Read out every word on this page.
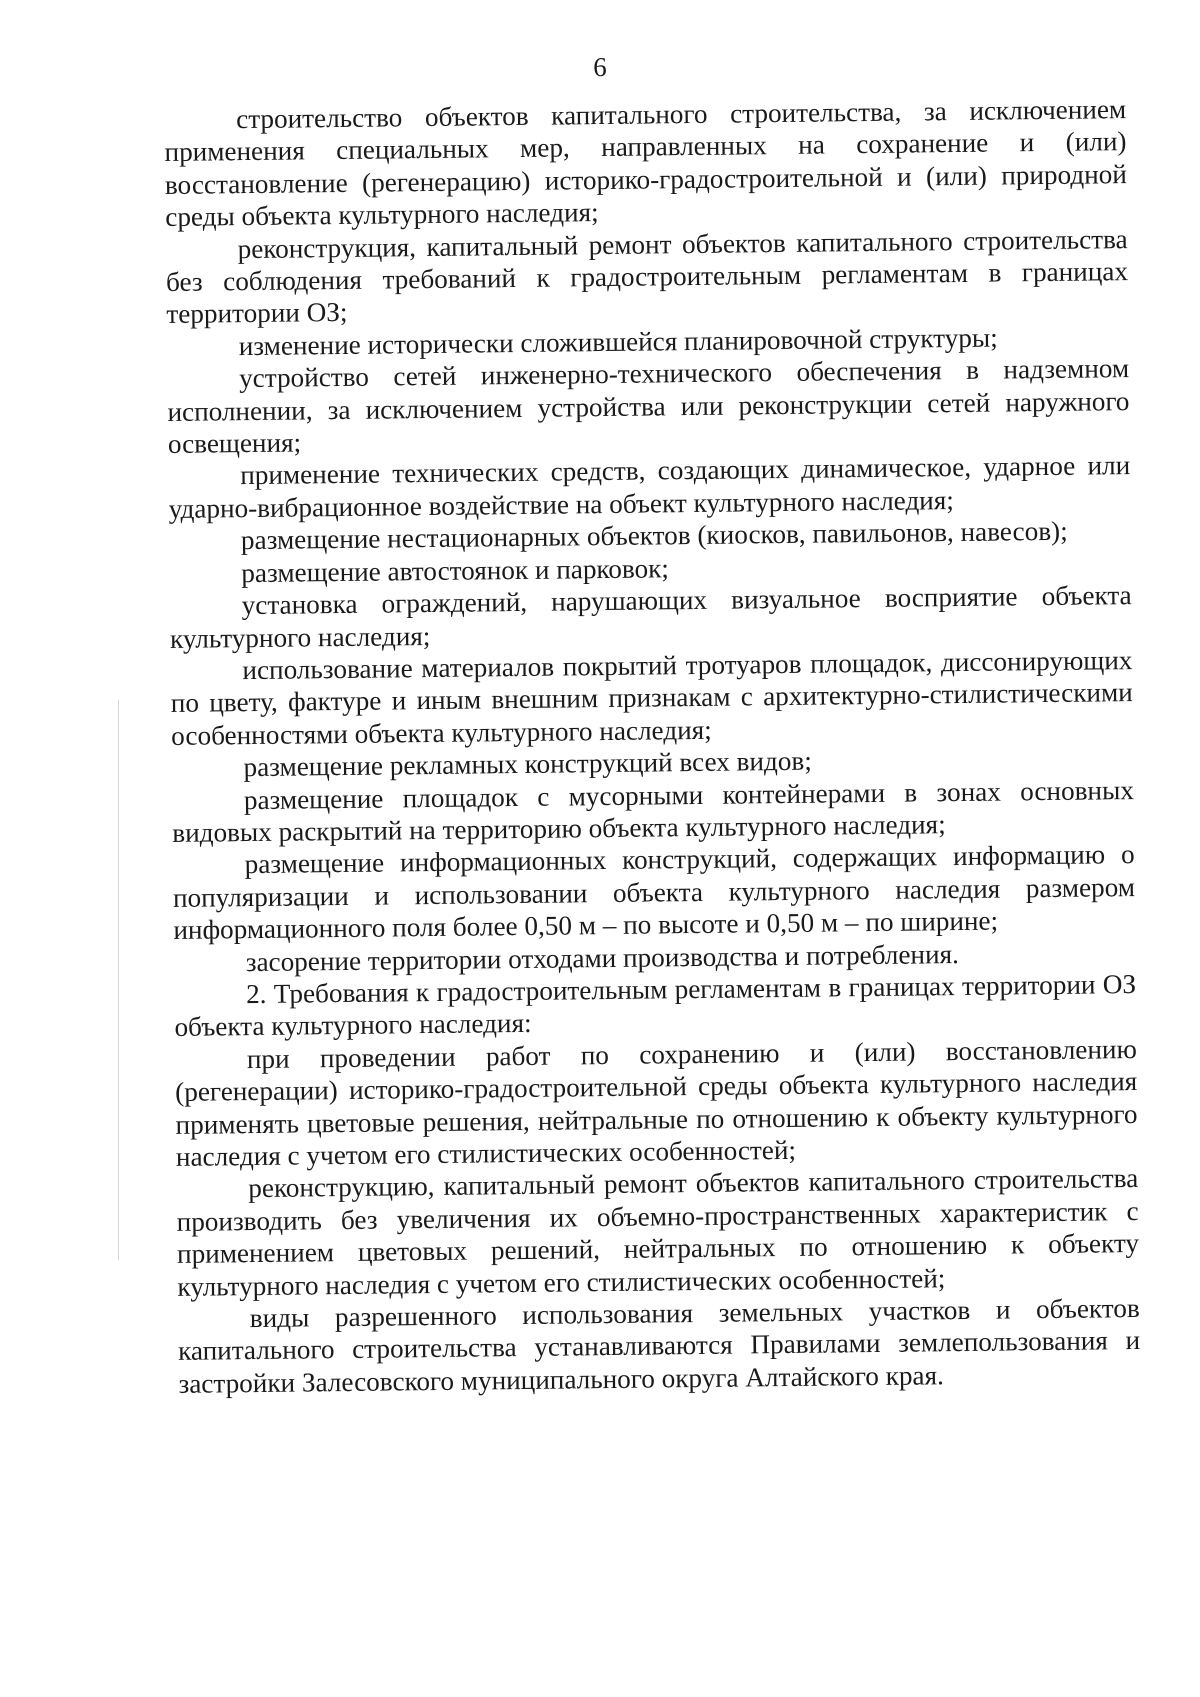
6

строительство объектов капитального строительства, за исключением применения специальных мер, направленных на сохранение и (или) восстановление (регенерацию) историко-градостроительной и (или) природной среды объекта культурного наследия;

реконструкция, капитальный ремонт объектов капитального строительства без соблюдения требований к градостроительным регламентам в границах территории ОЗ;

изменение исторически сложившейся планировочной структуры;

устройство сетей инженерно-технического обеспечения в надземном исполнении, за исключением устройства или реконструкции сетей наружного освещения;

применение технических средств, создающих динамическое, ударное или ударно-вибрационное воздействие на объект культурного наследия;

размещение нестационарных объектов (киосков, павильонов, навесов);

размещение автостоянок и парковок;

установка ограждений, нарушающих визуальное восприятие объекта культурного наследия;

использование материалов покрытий тротуаров площадок, диссонирующих по цвету, фактуре и иным внешним признакам с архитектурно-стилистическими особенностями объекта культурного наследия;

размещение рекламных конструкций всех видов;

размещение площадок с мусорными контейнерами в зонах основных видовых раскрытий на территорию объекта культурного наследия;

размещение информационных конструкций, содержащих информацию о популяризации и использовании объекта культурного наследия размером информационного поля более 0,50 м – по высоте и 0,50 м – по ширине;

засорение территории отходами производства и потребления.

2. Требования к градостроительным регламентам в границах территории ОЗ объекта культурного наследия:

при проведении работ по сохранению и (или) восстановлению (регенерации) историко-градостроительной среды объекта культурного наследия применять цветовые решения, нейтральные по отношению к объекту культурного наследия с учетом его стилистических особенностей;

реконструкцию, капитальный ремонт объектов капитального строительства производить без увеличения их объемно-пространственных характеристик с применением цветовых решений, нейтральных по отношению к объекту культурного наследия с учетом его стилистических особенностей;

виды разрешенного использования земельных участков и объектов капитального строительства устанавливаются Правилами землепользования и застройки Залесовского муниципального округа Алтайского края.
